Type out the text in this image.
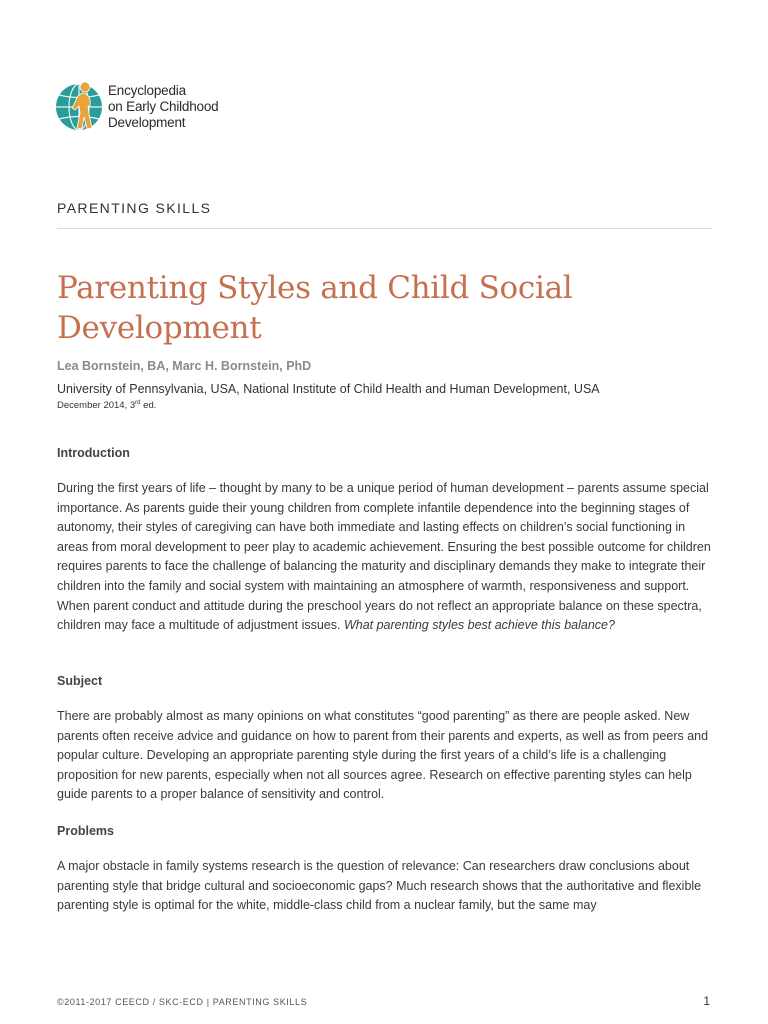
Encyclopedia
on Early Childhood
Development
PARENTING SKILLS
Parenting Styles and Child Social Development
Lea Bornstein, BA, Marc H. Bornstein, PhD
University of Pennsylvania, USA, National Institute of Child Health and Human Development, USA
December 2014, 3rd ed.
Introduction
During the first years of life – thought by many to be a unique period of human development – parents assume special importance. As parents guide their young children from complete infantile dependence into the beginning stages of autonomy, their styles of caregiving can have both immediate and lasting effects on children’s social functioning in areas from moral development to peer play to academic achievement. Ensuring the best possible outcome for children requires parents to face the challenge of balancing the maturity and disciplinary demands they make to integrate their children into the family and social system with maintaining an atmosphere of warmth, responsiveness and support. When parent conduct and attitude during the preschool years do not reflect an appropriate balance on these spectra, children may face a multitude of adjustment issues. What parenting styles best achieve this balance?
Subject
There are probably almost as many opinions on what constitutes “good parenting” as there are people asked. New parents often receive advice and guidance on how to parent from their parents and experts, as well as from peers and popular culture. Developing an appropriate parenting style during the first years of a child’s life is a challenging proposition for new parents, especially when not all sources agree. Research on effective parenting styles can help guide parents to a proper balance of sensitivity and control.
Problems
A major obstacle in family systems research is the question of relevance: Can researchers draw conclusions about parenting style that bridge cultural and socioeconomic gaps? Much research shows that the authoritative and flexible parenting style is optimal for the white, middle-class child from a nuclear family, but the same may
©2011-2017 CEECD / SKC-ECD | PARENTING SKILLS	1
